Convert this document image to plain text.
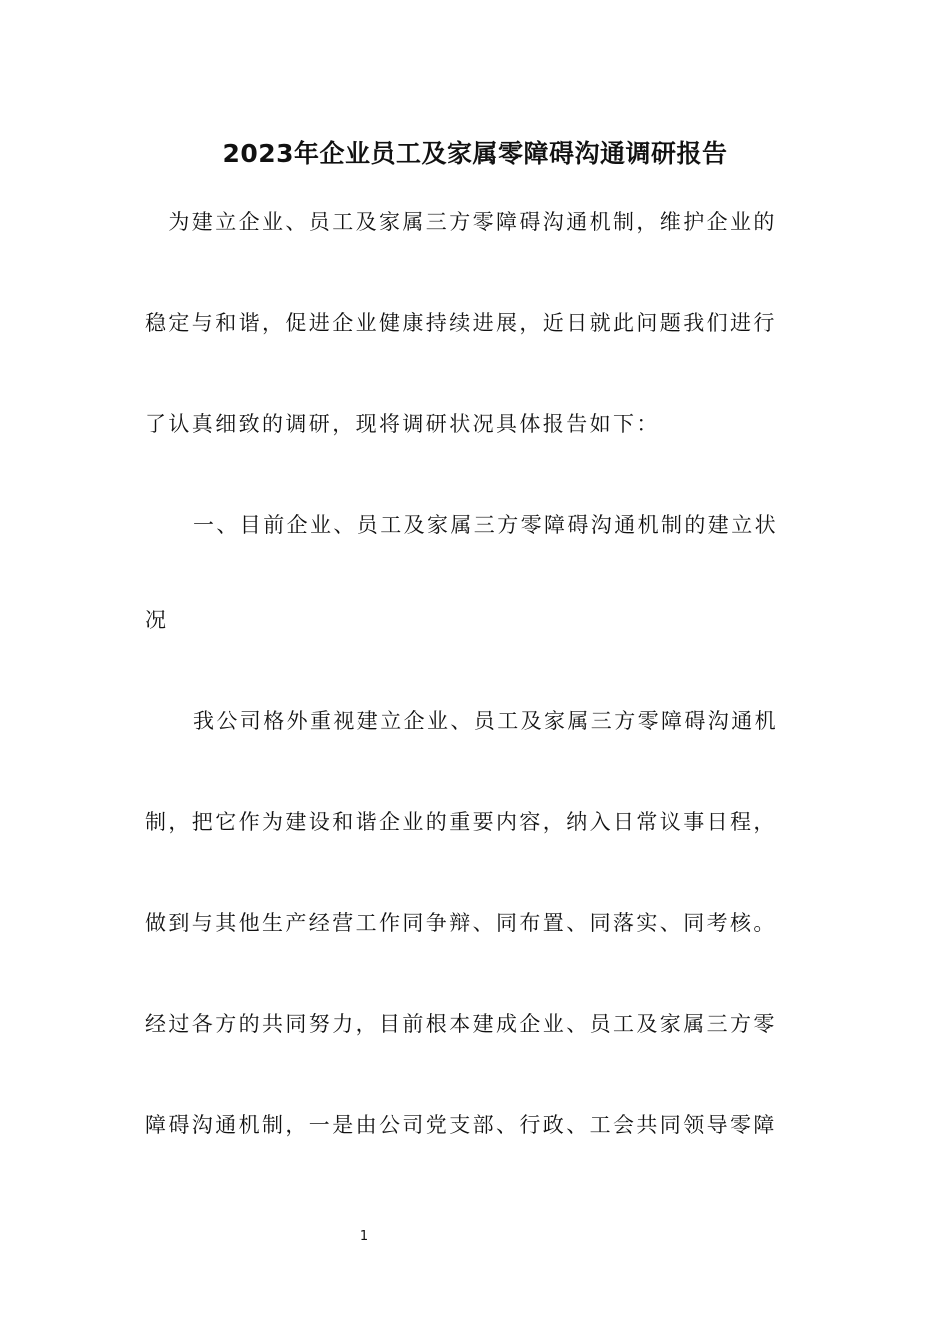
2023年企业员工及家属零障碍沟通调研报告
　为建立企业、员工及家属三方零障碍沟通机制，维护企业的
稳定与和谐，促进企业健康持续进展，近日就此问题我们进行
了认真细致的调研，现将调研状况具体报告如下：
一、目前企业、员工及家属三方零障碍沟通机制的建立状
况
我公司格外重视建立企业、员工及家属三方零障碍沟通机
制，把它作为建设和谐企业的重要内容，纳入日常议事日程，
做到与其他生产经营工作同争辩、同布置、同落实、同考核。
经过各方的共同努力，目前根本建成企业、员工及家属三方零
障碍沟通机制，一是由公司党支部、行政、工会共同领导零障
1
